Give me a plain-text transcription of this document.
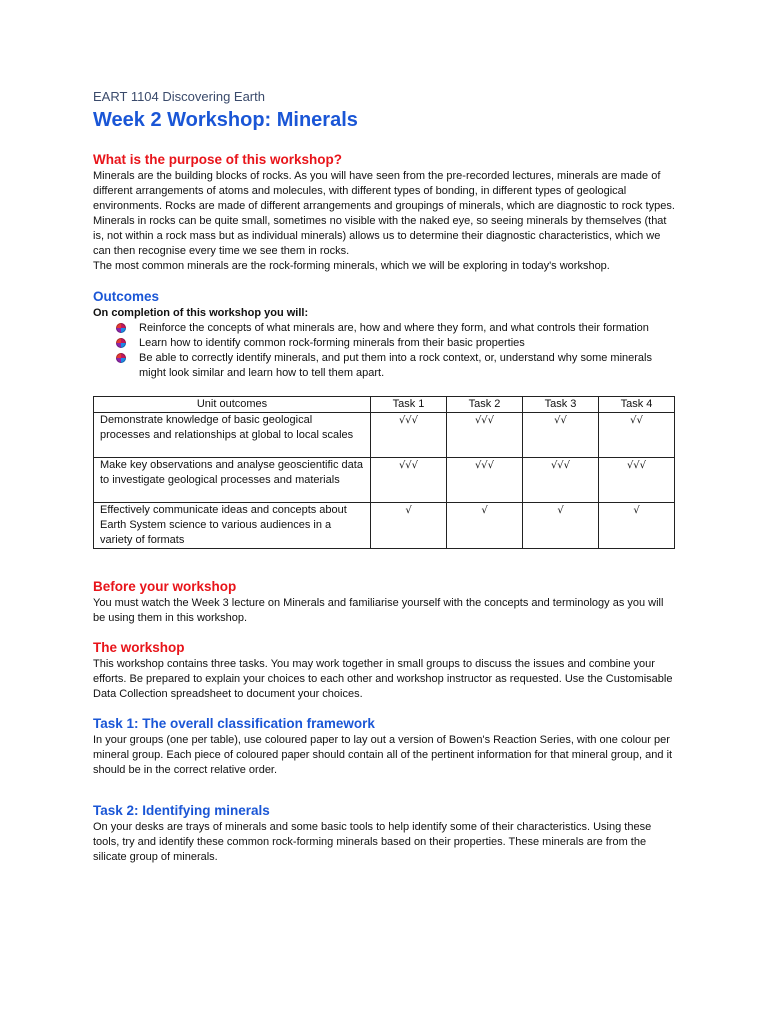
EART 1104 Discovering Earth

Week 2 Workshop: Minerals
What is the purpose of this workshop?

Minerals are the building blocks of rocks. As you will have seen from the pre-recorded lectures, minerals are made of different arrangements of atoms and molecules, with different types of bonding, in different types of geological environments. Rocks are made of different arrangements and groupings of minerals, which are diagnostic to rock types. Minerals in rocks can be quite small, sometimes no visible with the naked eye, so seeing minerals by themselves (that is, not within a rock mass but as individual minerals) allows us to determine their diagnostic characteristics, which we can then recognise every time we see them in rocks.

The most common minerals are the rock-forming minerals, which we will be exploring in today's workshop.

Outcomes

On completion of this workshop you will:

Reinforce the concepts of what minerals are, how and where they form, and what controls their formation
Learn how to identify common rock-forming minerals from their basic properties
Be able to correctly identify minerals, and put them into a rock context, or, understand why some minerals might look similar and learn how to tell them apart.
Unit outcomes	Task 1	Task 2	Task 3	Task 4
Demonstrate knowledge of basic geological processes and relationships at global to local scales	√√√	√√√	√√	√√
Make key observations and analyse geoscientific data to investigate geological processes and materials	√√√	√√√	√√√	√√√
Effectively communicate ideas and concepts about Earth System science to various audiences in a variety of formats	√	√	√	√
Before your workshop

You must watch the Week 3 lecture on Minerals and familiarise yourself with the concepts and terminology as you will be using them in this workshop.

The workshop

This workshop contains three tasks. You may work together in small groups to discuss the issues and combine your efforts. Be prepared to explain your choices to each other and workshop instructor as requested. Use the Customisable Data Collection spreadsheet to document your choices.

Task 1: The overall classification framework

In your groups (one per table), use coloured paper to lay out a version of Bowen's Reaction Series, with one colour per mineral group. Each piece of coloured paper should contain all of the pertinent information for that mineral group, and it should be in the correct relative order.

Task 2: Identifying minerals

On your desks are trays of minerals and some basic tools to help identify some of their characteristics. Using these tools, try and identify these common rock-forming minerals based on their properties. These minerals are from the silicate group of minerals.
